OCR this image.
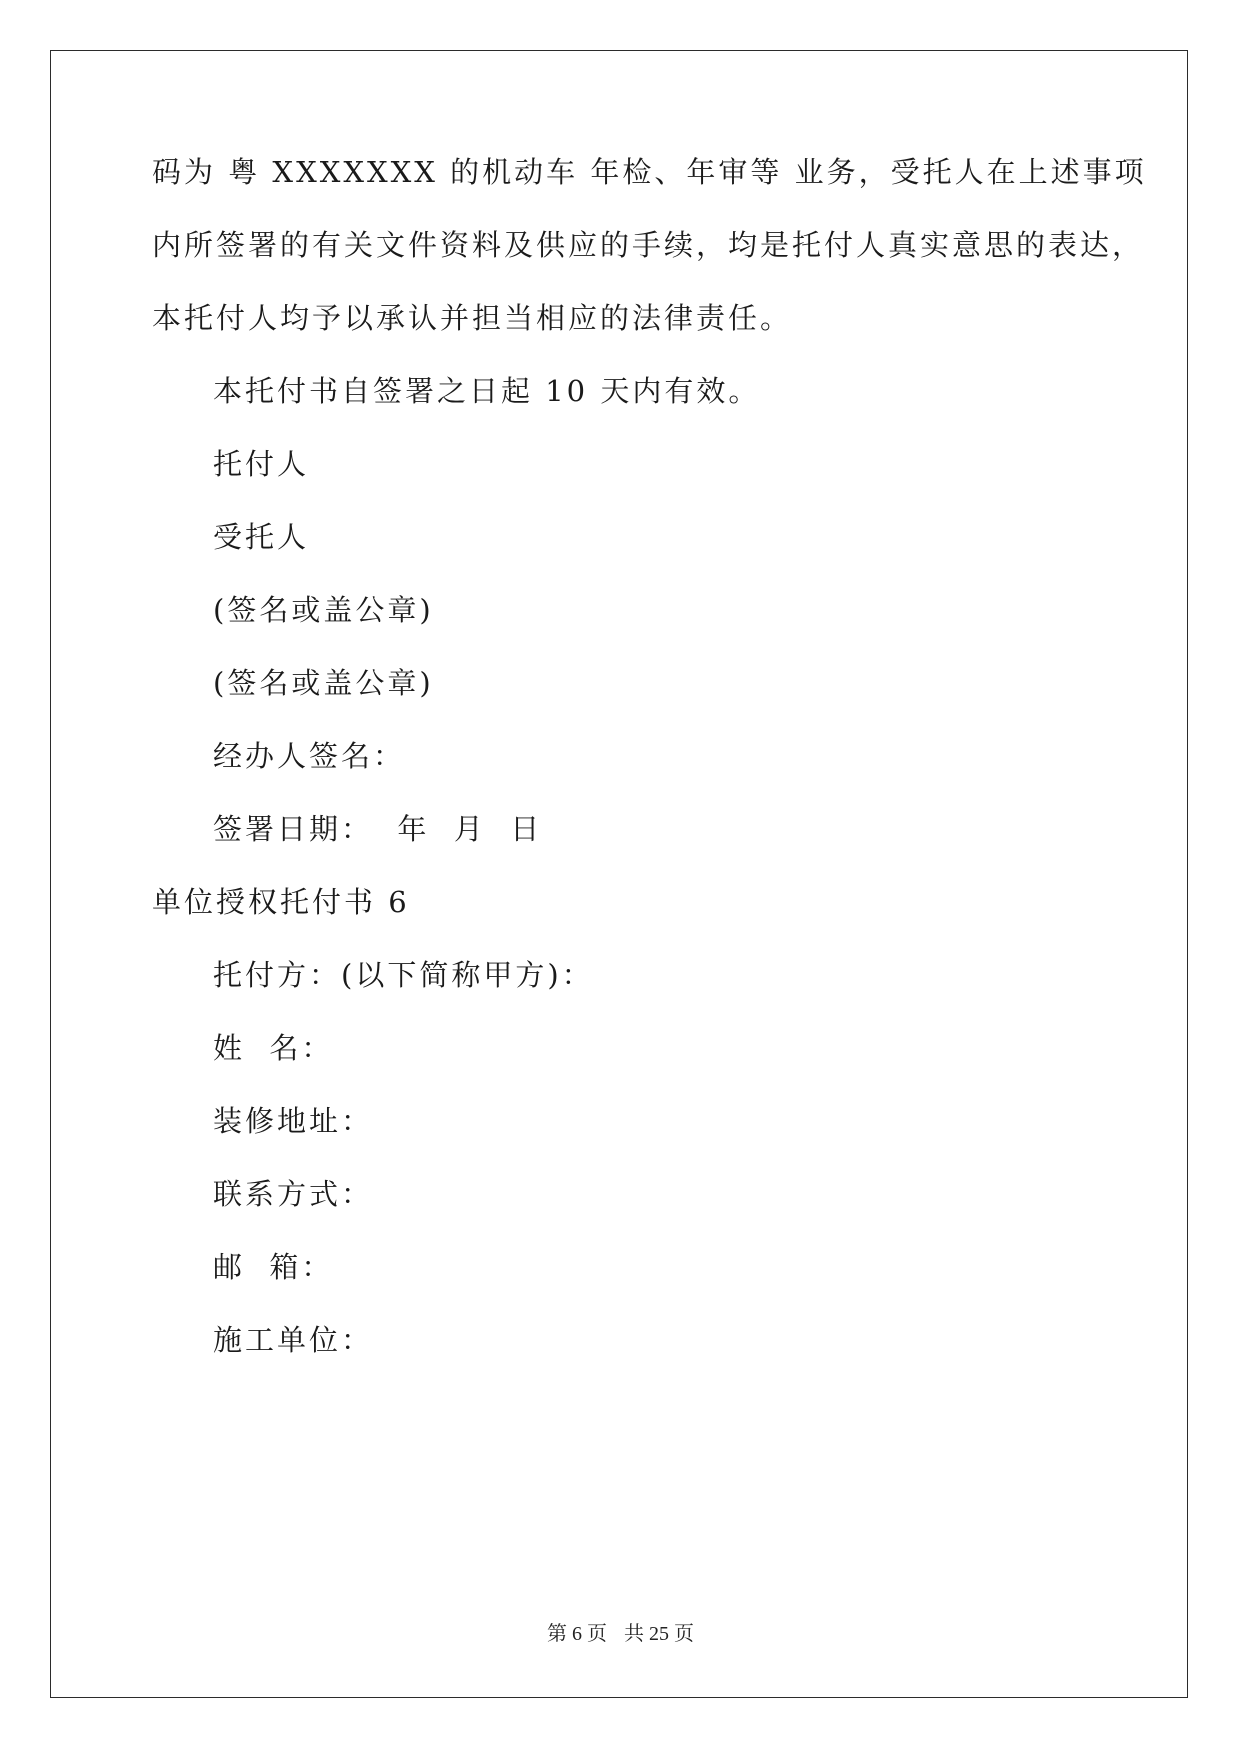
码为 粤 XXXXXXX 的机动车 年检、年审等 业务，受托人在上述事项
内所签署的有关文件资料及供应的手续，均是托付人真实意思的表达，
本托付人均予以承认并担当相应的法律责任。
本托付书自签署之日起 10 天内有效。
托付人
受托人
(签名或盖公章)
(签名或盖公章)
经办人签名：
签署日期：  年  月  日
单位授权托付书 6
托付方：(以下简称甲方)：
姓  名：
装修地址：
联系方式：
邮  箱：
施工单位：
第 6 页 共 25 页
